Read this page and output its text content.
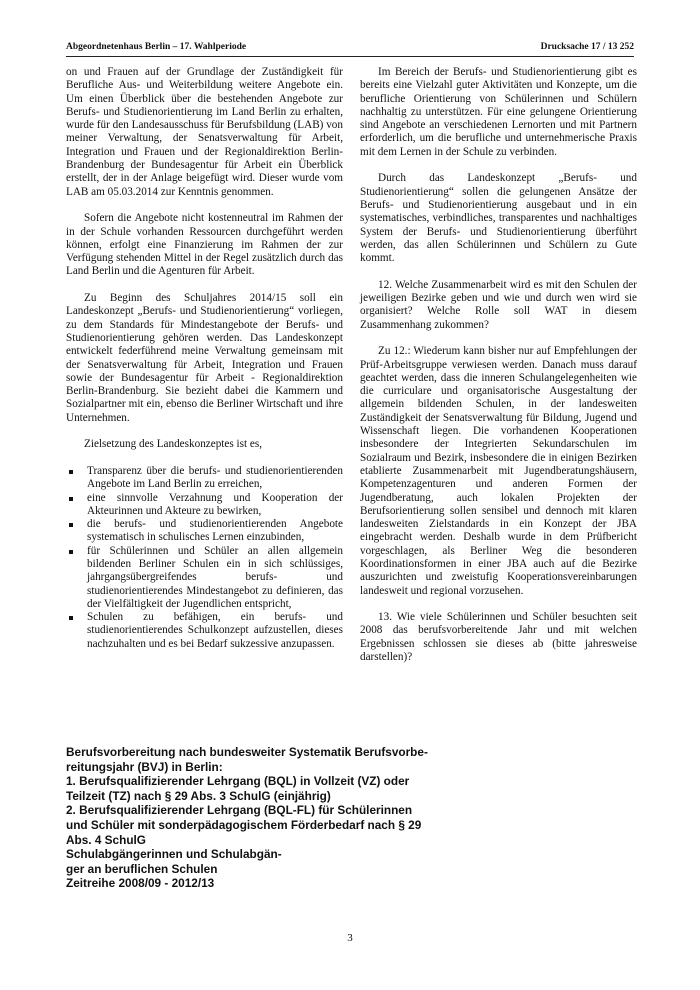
Abgeordnetenhaus Berlin – 17. Wahlperiode	Drucksache 17 / 13 252

on und Frauen auf der Grundlage der Zuständigkeit für Berufliche Aus- und Weiterbildung weitere Angebote ein. Um einen Überblick über die bestehenden Angebote zur Berufs- und Studienorientierung im Land Berlin zu erhalten, wurde für den Landesausschuss für Berufsbildung (LAB) von meiner Verwaltung, der Senatsverwaltung für Arbeit, Integration und Frauen und der Regionaldirektion Berlin-Brandenburg der Bundesagentur für Arbeit ein Überblick erstellt, der in der Anlage beigefügt wird. Dieser wurde vom LAB am 05.03.2014 zur Kenntnis genommen.

Sofern die Angebote nicht kostenneutral im Rahmen der in der Schule vorhanden Ressourcen durchgeführt werden können, erfolgt eine Finanzierung im Rahmen der zur Verfügung stehenden Mittel in der Regel zusätzlich durch das Land Berlin und die Agenturen für Arbeit.

Zu Beginn des Schuljahres 2014/15 soll ein Landeskonzept „Berufs- und Studienorientierung“ vorliegen, zu dem Standards für Mindestangebote der Berufs- und Studienorientierung gehören werden. Das Landeskonzept entwickelt federführend meine Verwaltung gemeinsam mit der Senatsverwaltung für Arbeit, Integration und Frauen sowie der Bundesagentur für Arbeit - Regionaldirektion Berlin-Brandenburg. Sie bezieht dabei die Kammern und Sozialpartner mit ein, ebenso die Berliner Wirtschaft und ihre Unternehmen.

Zielsetzung des Landeskonzeptes ist es,

Transparenz über die berufs- und studienorientierenden Angebote im Land Berlin zu erreichen,
eine sinnvolle Verzahnung und Kooperation der Akteurinnen und Akteure zu bewirken,
die berufs- und studienorientierenden Angebote systematisch in schulisches Lernen einzubinden,
für Schülerinnen und Schüler an allen allgemein bildenden Berliner Schulen ein in sich schlüssiges, jahrgangsübergreifendes berufs- und studienorientierendes Mindestangebot zu definieren, das der Vielfältigkeit der Jugendlichen entspricht,
Schulen zu befähigen, ein berufs- und studienorientierendes Schulkonzept aufzustellen, dieses nachzuhalten und es bei Bedarf sukzessive anzupassen.

Im Bereich der Berufs- und Studienorientierung gibt es bereits eine Vielzahl guter Aktivitäten und Konzepte, um die berufliche Orientierung von Schülerinnen und Schülern nachhaltig zu unterstützen. Für eine gelungene Orientierung sind Angebote an verschiedenen Lernorten und mit Partnern erforderlich, um die berufliche und unternehmerische Praxis mit dem Lernen in der Schule zu verbinden.

Durch das Landeskonzept „Berufs- und Studienorientierung“ sollen die gelungenen Ansätze der Berufs- und Studienorientierung ausgebaut und in ein systematisches, verbindliches, transparentes und nachhaltiges System der Berufs- und Studienorientierung überführt werden, das allen Schülerinnen und Schülern zu Gute kommt.

12. Welche Zusammenarbeit wird es mit den Schulen der jeweiligen Bezirke geben und wie und durch wen wird sie organisiert? Welche Rolle soll WAT in diesem Zusammenhang zukommen?

Zu 12.: Wiederum kann bisher nur auf Empfehlungen der Prüf-Arbeitsgruppe verwiesen werden. Danach muss darauf geachtet werden, dass die inneren Schulangelegenheiten wie die curriculare und organisatorische Ausgestaltung der allgemein bildenden Schulen, in der landesweiten Zuständigkeit der Senatsverwaltung für Bildung, Jugend und Wissenschaft liegen. Die vorhandenen Kooperationen insbesondere der Integrierten Sekundarschulen im Sozialraum und Bezirk, insbesondere die in einigen Bezirken etablierte Zusammenarbeit mit Jugendberatungshäusern, Kompetenzagenturen und anderen Formen der Jugendberatung, auch lokalen Projekten der Berufsorientierung sollen sensibel und dennoch mit klaren landesweiten Zielstandards in ein Konzept der JBA eingebracht werden. Deshalb wurde in dem Prüfbericht vorgeschlagen, als Berliner Weg die besonderen Koordinationsformen in einer JBA auch auf die Bezirke auszurichten und zweistufig Kooperationsvereinbarungen landesweit und regional vorzusehen.

13. Wie viele Schülerinnen und Schüler besuchten seit 2008 das berufsvorbereitende Jahr und mit welchen Ergebnissen schlossen sie dieses ab (bitte jahresweise darstellen)?

Berufsvorbereitung nach bundesweiter Systematik Berufsvorbe-
reitungsjahr (BVJ) in Berlin:
1. Berufsqualifizierender Lehrgang (BQL) in Vollzeit (VZ) oder
Teilzeit (TZ) nach § 29 Abs. 3 SchulG (einjährig)
2. Berufsqualifizierender Lehrgang (BQL-FL) für Schülerinnen
und Schüler mit sonderpädagogischem Förderbedarf nach § 29
Abs. 4 SchulG
Schulabgängerinnen und Schulabgän-
ger an beruflichen Schulen
Zeitreihe 2008/09 - 2012/13
3
